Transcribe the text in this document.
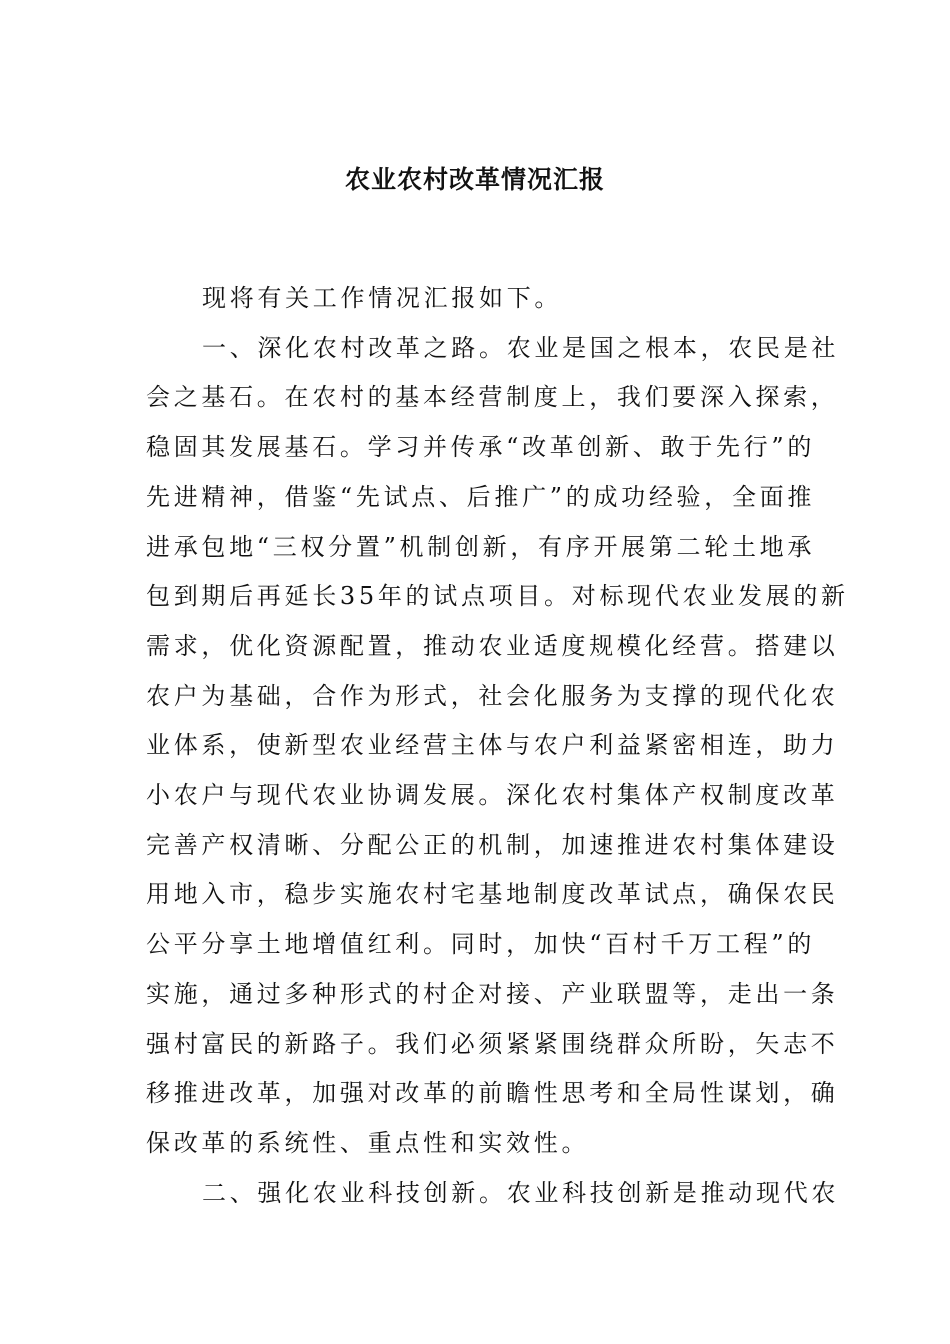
农业农村改革情况汇报

现将有关工作情况汇报如下。

一、深化农村改革之路。农业是国之根本，农民是社
会之基石。在农村的基本经营制度上，我们要深入探索，
稳固其发展基石。学习并传承“改革创新、敢于先行”的
先进精神，借鉴“先试点、后推广”的成功经验，全面推
进承包地“三权分置”机制创新，有序开展第二轮土地承
包到期后再延长35年的试点项目。对标现代农业发展的新
需求，优化资源配置，推动农业适度规模化经营。搭建以
农户为基础，合作为形式，社会化服务为支撑的现代化农
业体系，使新型农业经营主体与农户利益紧密相连，助力
小农户与现代农业协调发展。深化农村集体产权制度改革
完善产权清晰、分配公正的机制，加速推进农村集体建设
用地入市，稳步实施农村宅基地制度改革试点，确保农民
公平分享土地增值红利。同时，加快“百村千万工程”的
实施，通过多种形式的村企对接、产业联盟等，走出一条
强村富民的新路子。我们必须紧紧围绕群众所盼，矢志不
移推进改革，加强对改革的前瞻性思考和全局性谋划，确
保改革的系统性、重点性和实效性。

二、强化农业科技创新。农业科技创新是推动现代农
